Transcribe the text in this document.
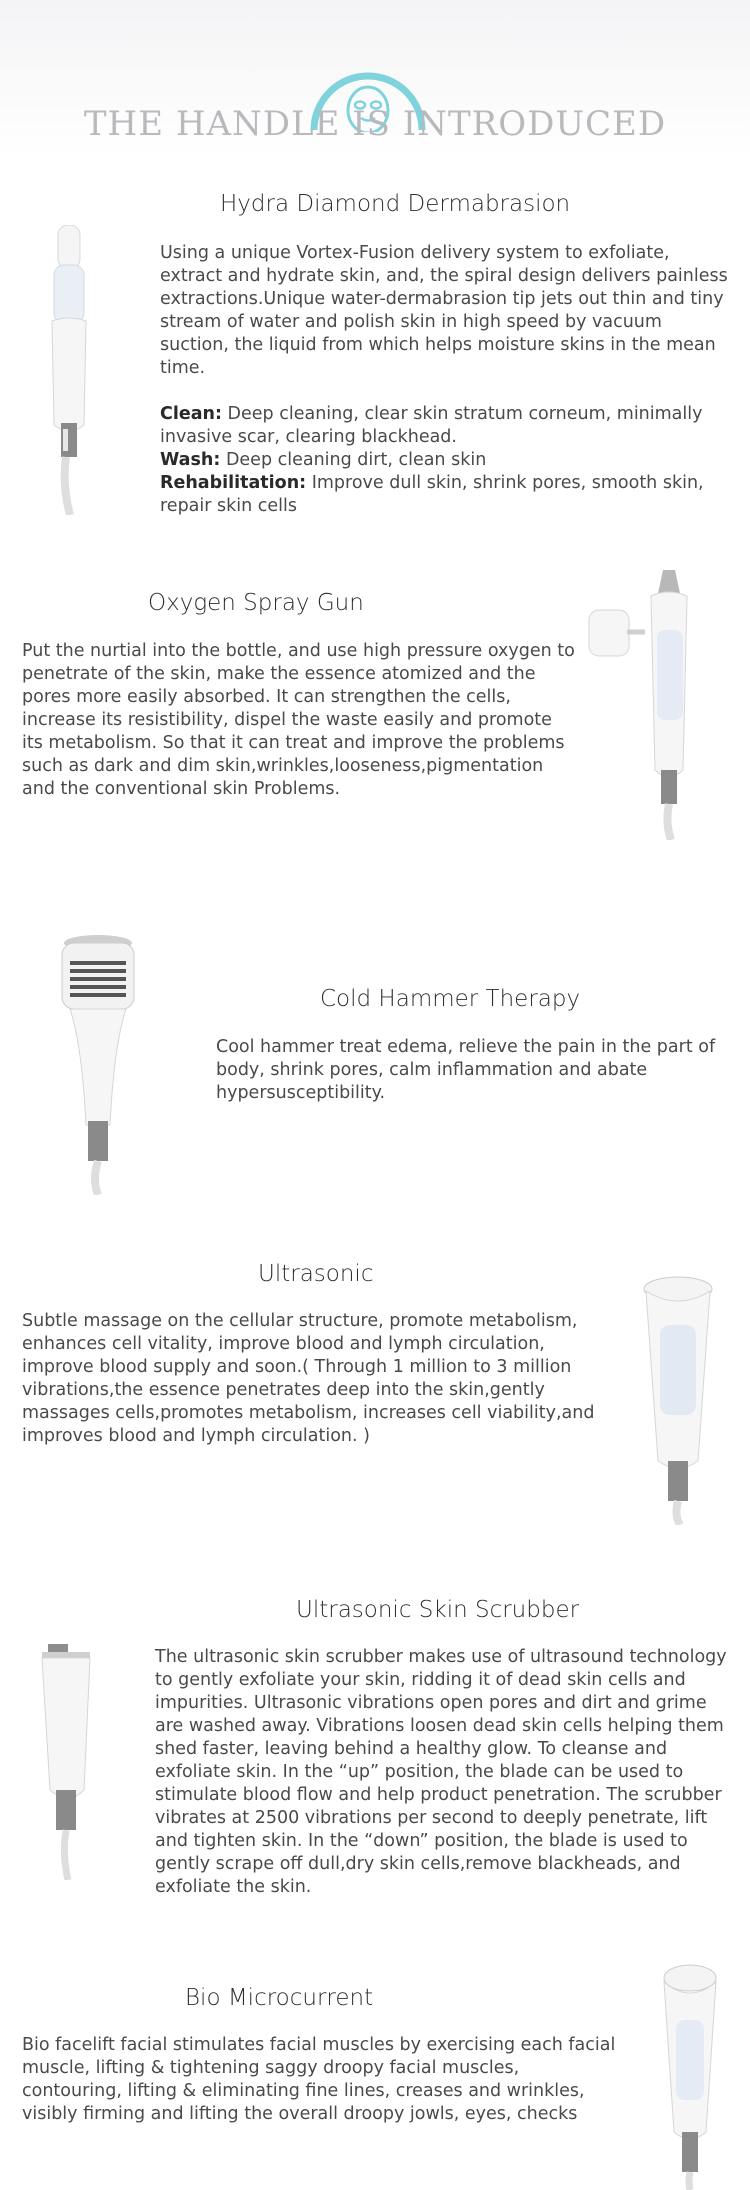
THE HANDLE IS INTRODUCED
Hydra Diamond Dermabrasion

Using a unique Vortex-Fusion delivery system to exfoliate, extract and hydrate skin, and, the spiral design delivers painless extractions.Unique water-dermabrasion tip jets out thin and tiny stream of water and polish skin in high speed by vacuum suction, the liquid from which helps moisture skins in the mean time.

Clean: Deep cleaning, clear skin stratum corneum, minimally invasive scar, clearing blackhead.

Wash: Deep cleaning dirt, clean skin

Rehabilitation: Improve dull skin, shrink pores, smooth skin, repair skin cells

Oxygen Spray Gun

Put the nurtial into the bottle, and use high pressure oxygen to penetrate of the skin, make the essence atomized and the pores more easily absorbed. It can strengthen the cells, increase its resistibility, dispel the waste easily and promote its metabolism. So that it can treat and improve the problems such as dark and dim skin,wrinkles,looseness,pigmentation and the conventional skin Problems.

Cold Hammer Therapy

Cool hammer treat edema, relieve the pain in the part of body, shrink pores, calm inflammation and abate hypersusceptibility.

Ultrasonic

Subtle massage on the cellular structure, promote metabolism, enhances cell vitality, improve blood and lymph circulation, improve blood supply and soon.( Through 1 million to 3 million vibrations,the essence penetrates deep into the skin,gently massages cells,promotes metabolism, increases cell viability,and improves blood and lymph circulation. )

Ultrasonic Skin Scrubber

The ultrasonic skin scrubber makes use of ultrasound technology to gently exfoliate your skin, ridding it of dead skin cells and impurities. Ultrasonic vibrations open pores and dirt and grime are washed away. Vibrations loosen dead skin cells helping them shed faster, leaving behind a healthy glow. To cleanse and exfoliate skin. In the “up” position, the blade can be used to stimulate blood flow and help product penetration. The scrubber vibrates at 2500 vibrations per second to deeply penetrate, lift and tighten skin. In the “down” position, the blade is used to gently scrape off dull,dry skin cells,remove blackheads, and exfoliate the skin.

Bio Microcurrent

Bio facelift facial stimulates facial muscles by exercising each facial muscle, lifting & tightening saggy droopy facial muscles, contouring, lifting & eliminating fine lines, creases and wrinkles, visibly firming and lifting the overall droopy jowls, eyes, checks
